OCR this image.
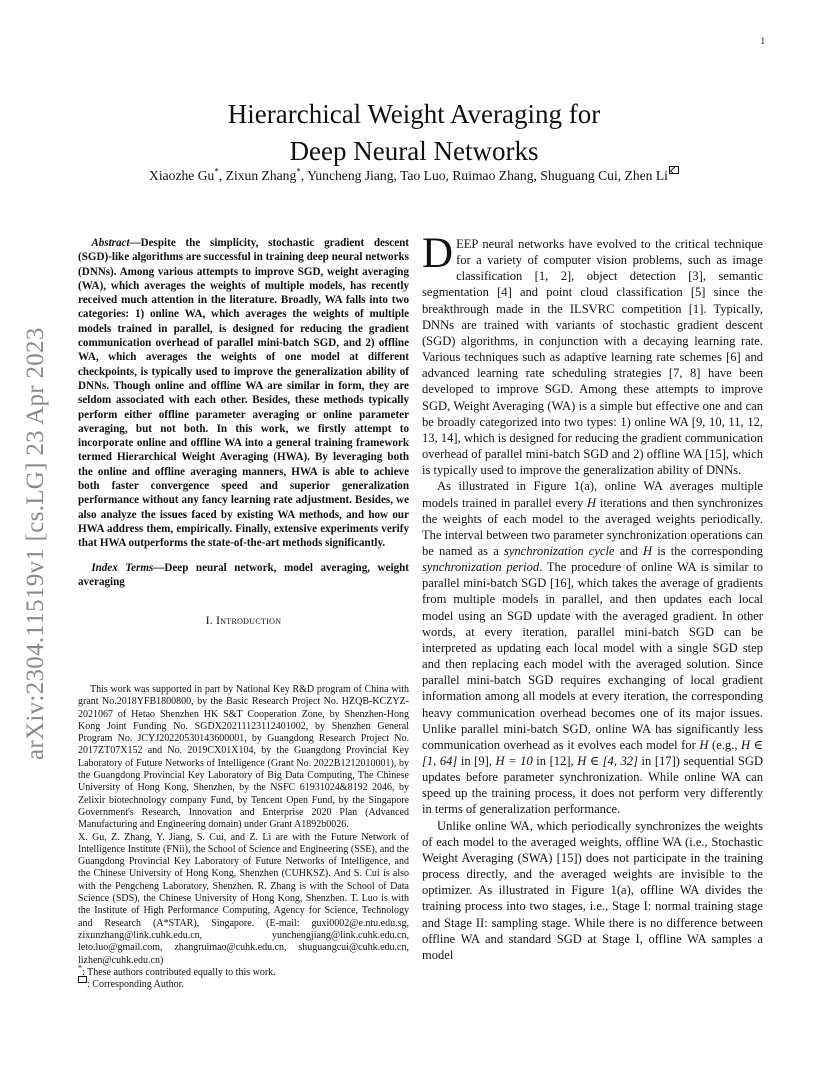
1
arXiv:2304.11519v1 [cs.LG] 23 Apr 2023
Hierarchical Weight Averaging for
Deep Neural Networks
Xiaozhe Gu*, Zixun Zhang*, Yuncheng Jiang, Tao Luo, Ruimao Zhang, Shuguang Cui, Zhen Li

Abstract—Despite the simplicity, stochastic gradient descent (SGD)-like algorithms are successful in training deep neural networks (DNNs). Among various attempts to improve SGD, weight averaging (WA), which averages the weights of multiple models, has recently received much attention in the literature. Broadly, WA falls into two categories: 1) online WA, which averages the weights of multiple models trained in parallel, is designed for reducing the gradient communication overhead of parallel mini-batch SGD, and 2) offline WA, which averages the weights of one model at different checkpoints, is typically used to improve the generalization ability of DNNs. Though online and offline WA are similar in form, they are seldom associated with each other. Besides, these methods typically perform either offline parameter averaging or online parameter averaging, but not both. In this work, we firstly attempt to incorporate online and offline WA into a general training framework termed Hierarchical Weight Averaging (HWA). By leveraging both the online and offline averaging manners, HWA is able to achieve both faster convergence speed and superior generalization performance without any fancy learning rate adjustment. Besides, we also analyze the issues faced by existing WA methods, and how our HWA address them, empirically. Finally, extensive experiments verify that HWA outperforms the state-of-the-art methods significantly.

Index Terms—Deep neural network, model averaging, weight averaging

I. Introduction

This work was supported in part by National Key R&D program of China with grant No.2018YFB1800800, by the Basic Research Project No. HZQB-KCZYZ-2021067 of Hetao Shenzhen HK S&T Cooperation Zone, by Shenzhen-Hong Kong Joint Funding No. SGDX20211123112401002, by Shenzhen General Program No. JCYJ20220530143600001, by Guangdong Research Project No. 2017ZT07X152 and No. 2019CX01X104, by the Guangdong Provincial Key Laboratory of Future Networks of Intelligence (Grant No. 2022B1212010001), by the Guangdong Provincial Key Laboratory of Big Data Computing, The Chinese University of Hong Kong, Shenzhen, by the NSFC 61931024&8192 2046, by Zelixir biotechnology company Fund, by Tencent Open Fund, by the Singapore Government's Research, Innovation and Enterprise 2020 Plan (Advanced Manufacturing and Engineering domain) under Grant A1892b0026.

X. Gu, Z. Zhang, Y. Jiang, S. Cui, and Z. Li are with the Future Network of Intelligence Institute (FNii), the School of Science and Engineering (SSE), and the Guangdong Provincial Key Laboratory of Future Networks of Intelligence, and the Chinese University of Hong Kong, Shenzhen (CUHKSZ). And S. Cui is also with the Pengcheng Laboratory, Shenzhen. R. Zhang is with the School of Data Science (SDS), the Chinese University of Hong Kong, Shenzhen. T. Luo is with the Institute of High Performance Computing, Agency for Science, Technology and Research (A*STAR), Singapore. (E-mail: guxi0002@e.ntu.edu.sg, zixunzhang@link.cuhk.edu.cn, yunchengjiang@link.cuhk.edu.cn, leto.luo@gmail.com, zhangruimao@cuhk.edu.cn, shuguangcui@cuhk.edu.cn, lizhen@cuhk.edu.cn)

*: These authors contributed equally to this work.

: Corresponding Author.

DEEP neural networks have evolved to the critical technique for a variety of computer vision problems, such as image classification [1, 2], object detection [3], semantic segmentation [4] and point cloud classification [5] since the breakthrough made in the ILSVRC competition [1]. Typically, DNNs are trained with variants of stochastic gradient descent (SGD) algorithms, in conjunction with a decaying learning rate. Various techniques such as adaptive learning rate schemes [6] and advanced learning rate scheduling strategies [7, 8] have been developed to improve SGD. Among these attempts to improve SGD, Weight Averaging (WA) is a simple but effective one and can be broadly categorized into two types: 1) online WA [9, 10, 11, 12, 13, 14], which is designed for reducing the gradient communication overhead of parallel mini-batch SGD and 2) offline WA [15], which is typically used to improve the generalization ability of DNNs.

As illustrated in Figure 1(a), online WA averages multiple models trained in parallel every H iterations and then synchronizes the weights of each model to the averaged weights periodically. The interval between two parameter synchronization operations can be named as a synchronization cycle and H is the corresponding synchronization period. The procedure of online WA is similar to parallel mini-batch SGD [16], which takes the average of gradients from multiple models in parallel, and then updates each local model using an SGD update with the averaged gradient. In other words, at every iteration, parallel mini-batch SGD can be interpreted as updating each local model with a single SGD step and then replacing each model with the averaged solution. Since parallel mini-batch SGD requires exchanging of local gradient information among all models at every iteration, the corresponding heavy communication overhead becomes one of its major issues. Unlike parallel mini-batch SGD, online WA has significantly less communication overhead as it evolves each model for H (e.g., H ∈ [1, 64] in [9], H = 10 in [12], H ∈ [4, 32] in [17]) sequential SGD updates before parameter synchronization. While online WA can speed up the training process, it does not perform very differently in terms of generalization performance.

Unlike online WA, which periodically synchronizes the weights of each model to the averaged weights, offline WA (i.e., Stochastic Weight Averaging (SWA) [15]) does not participate in the training process directly, and the averaged weights are invisible to the optimizer. As illustrated in Figure 1(a), offline WA divides the training process into two stages, i.e., Stage I: normal training stage and Stage II: sampling stage. While there is no difference between offline WA and standard SGD at Stage I, offline WA samples a model
